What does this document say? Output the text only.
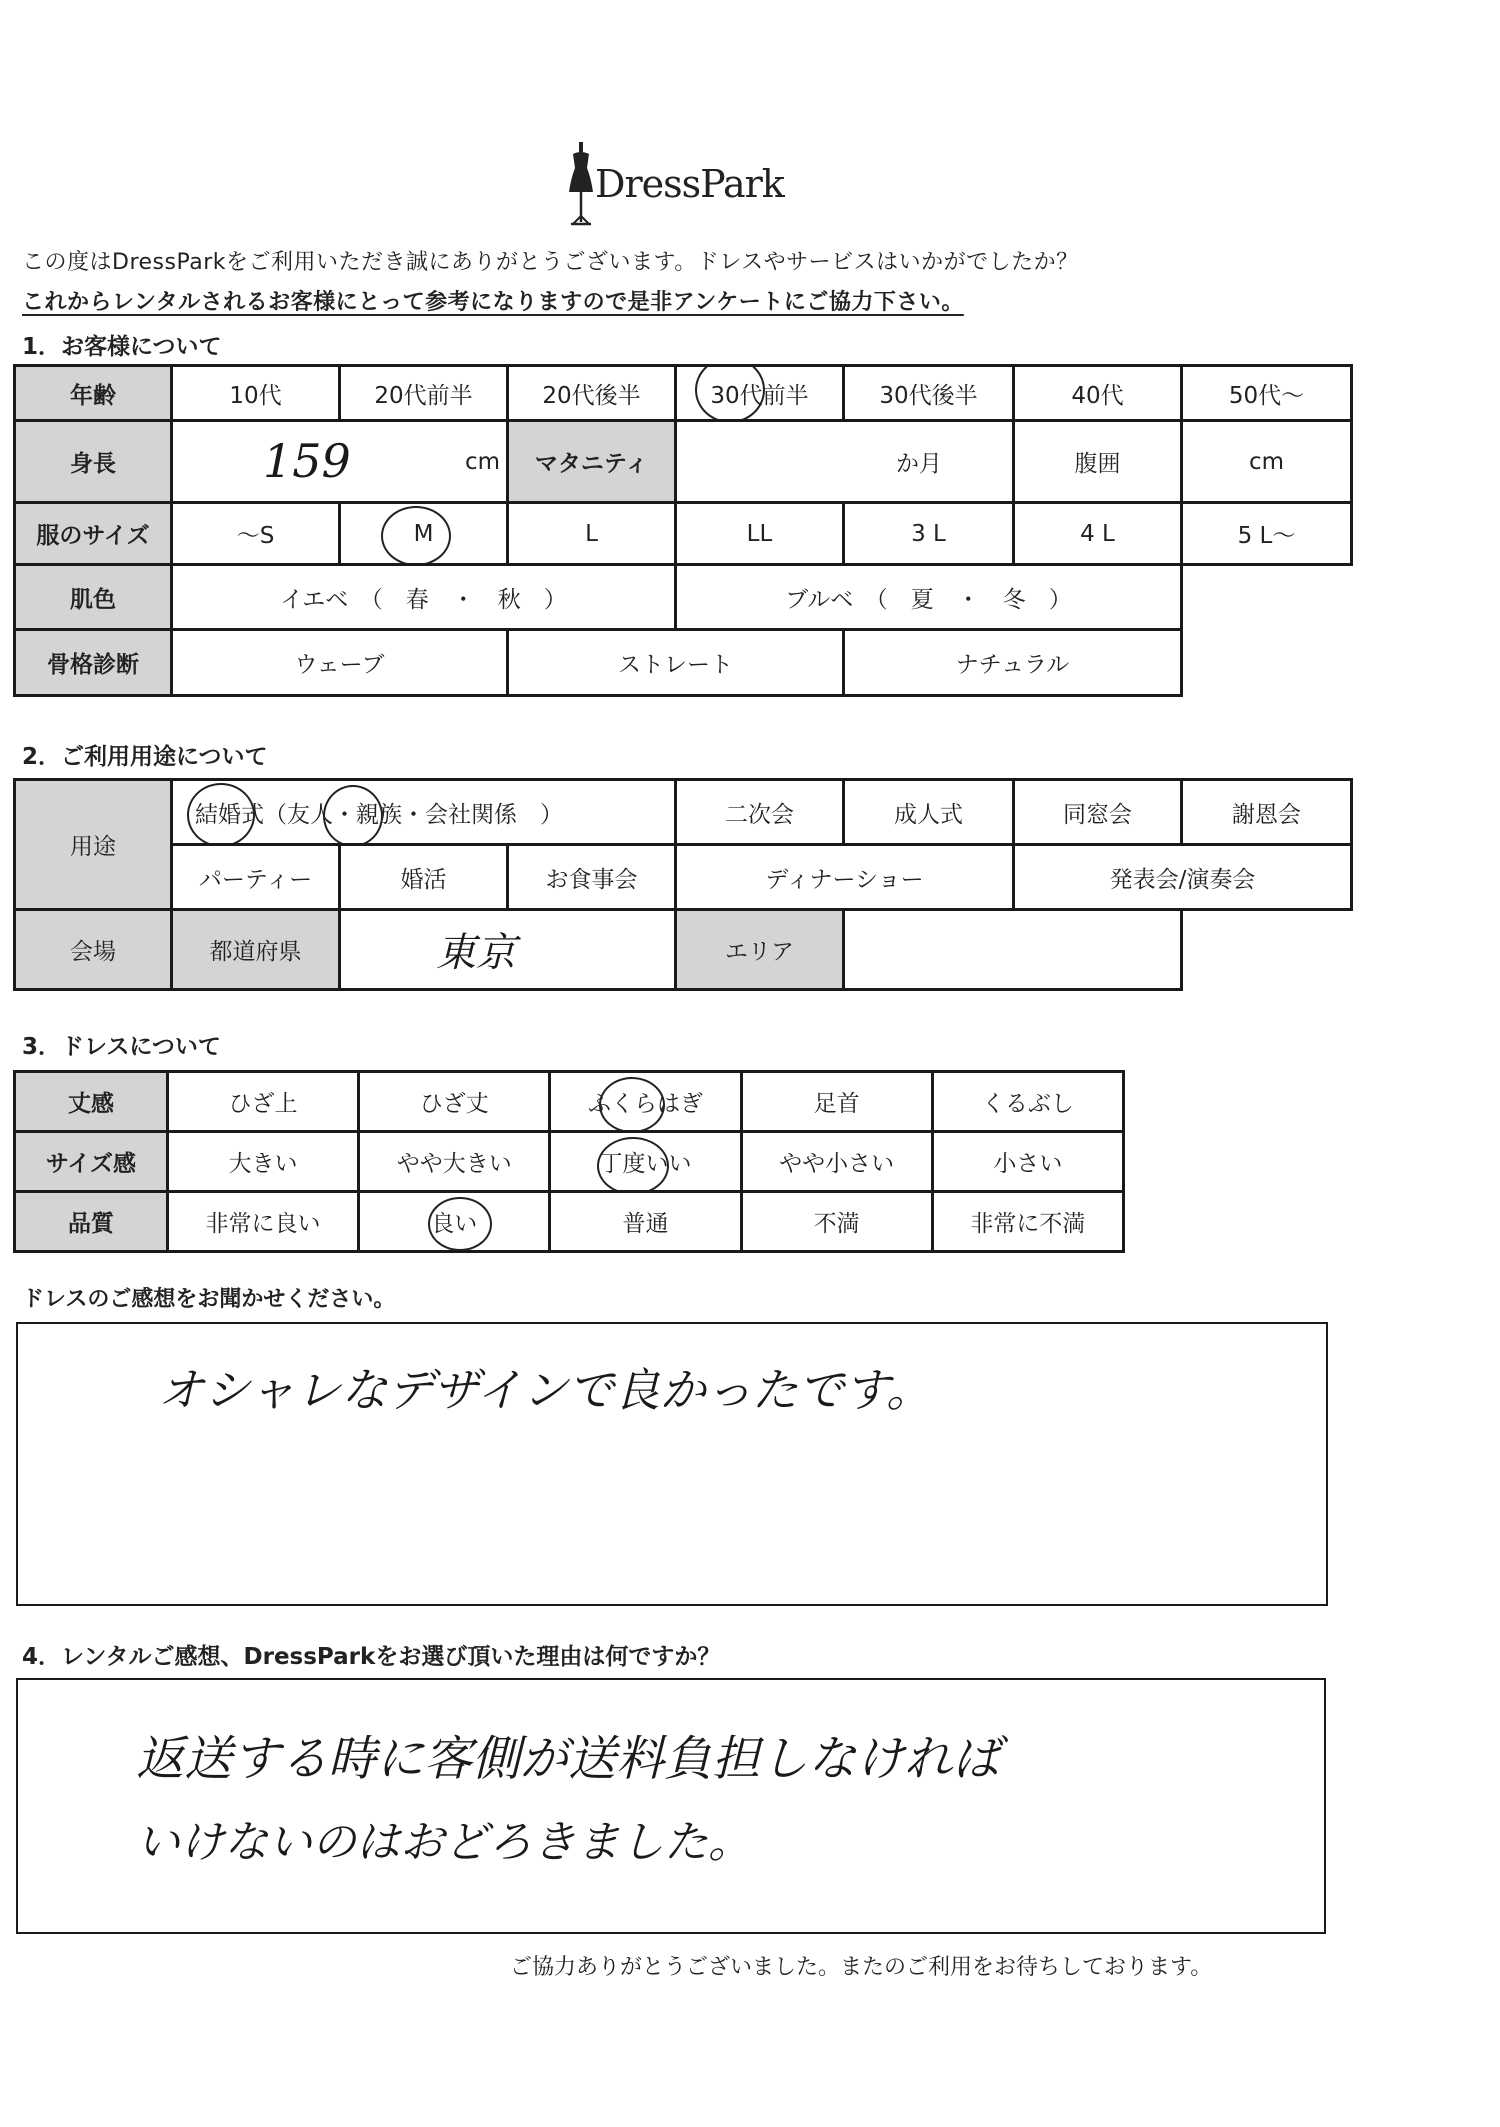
DressPark
この度はDressParkをご利用いただき誠にありがとうございます。ドレスやサービスはいかがでしたか？
これからレンタルされるお客様にとって参考になりますので是非アンケートにご協力下さい。
1．お客様について
年齢	10代	20代前半	20代後半	30代前半	30代後半	40代	50代〜
身長	159 cm		マタニティ	か月		腹囲	cm
服のサイズ	〜S	M	L	LL	3 L	4 L	5 L〜
肌色	イエベ　（　春　・　秋　）			ブルベ　（　夏　・　冬　）			
骨格診断	ウェーブ		ストレート		ナチュラル		
2．ご利用用途について
用途	結婚式（友人・親族・会社関係　）			二次会	成人式	同窓会	謝恩会
	パーティー	婚活	お食事会	ディナーショー		発表会/演奏会	
会場	都道府県	東京		エリア			
3．ドレスについて
丈感	ひざ上	ひざ丈	ふくらはぎ	足首	くるぶし
サイズ感	大きい	やや大きい	丁度いい	やや小さい	小さい
品質	非常に良い	良い	普通	不満	非常に不満
ドレスのご感想をお聞かせください。
オシャレなデザインで良かったです。
4．レンタルご感想、DressParkをお選び頂いた理由は何ですか？
返送する時に客側が送料負担しなければ
いけないのはおどろきました。
ご協力ありがとうございました。またのご利用をお待ちしております。
